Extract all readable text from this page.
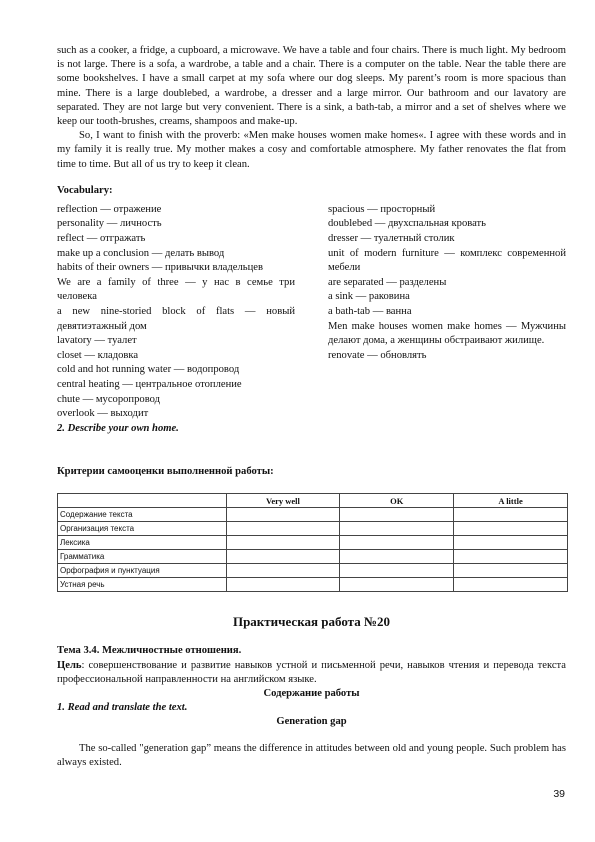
such as a cooker, a fridge, a cupboard, a microwave. We have a table and four chairs. There is much light. My bedroom is not large. There is a sofa, a wardrobe, a table and a chair. There is a computer on the table. Near the table there are some bookshelves. I have a small carpet at my sofa where our dog sleeps. My parent’s room is more spacious than mine. There is a large doublebed, a wardrobe, a dresser and a large mirror. Our bathroom and our lavatory are separated. They are not large but very convenient. There is a sink, a bath-tab, a mirror and a set of shelves where we keep our tooth-brushes, creams, shampoos and make-up.

So, I want to finish with the proverb: «Men make houses women make homes«. I agree with these words and in my family it is really true. My mother makes a cosy and comfortable atmosphere. My father renovates the flat from time to time. But all of us try to keep it clean.

Vocabulary:
reflection — отражение
personality — личность
reflect — отгражать
make up a conclusion — делать вывод
habits of their owners — привычки владельцев
We are a family of three — у нас в семье три человека
a new nine-storied block of flats — новый девятиэтажный дом
lavatory — туалет
closet — кладовка
cold and hot running water — водопровод
central heating — центральное отопление
chute — мусоропровод
overlook — выходит
2. Describe your own home.
spacious — просторный
doublebed — двухспальная кровать
dresser — туалетный столик
unit of modern furniture — комплекс современной мебели
are separated — разделены
a sink — раковина
a bath-tab — ванна
Men make houses women make homes — Мужчины делают дома, а женщины обстраивают жилище.
renovate — обновлять
Критерии самооценки выполненной работы:
	Very well	OK	A little
Содержание текста			
Организация текста			
Лексика			
Грамматика			
Орфография и пунктуация			
Устная речь			
Практическая работа №20

Тема 3.4. Межличностные отношения.

Цель: совершенствование и развитие навыков устной и письменной речи, навыков чтения и перевода текста профессиональной направленности на английском языке.

Содержание работы

1. Read and translate the text.

Generation gap

The so-called "generation gap” means the difference in attitudes between old and young people. Such problem has always existed.

39
